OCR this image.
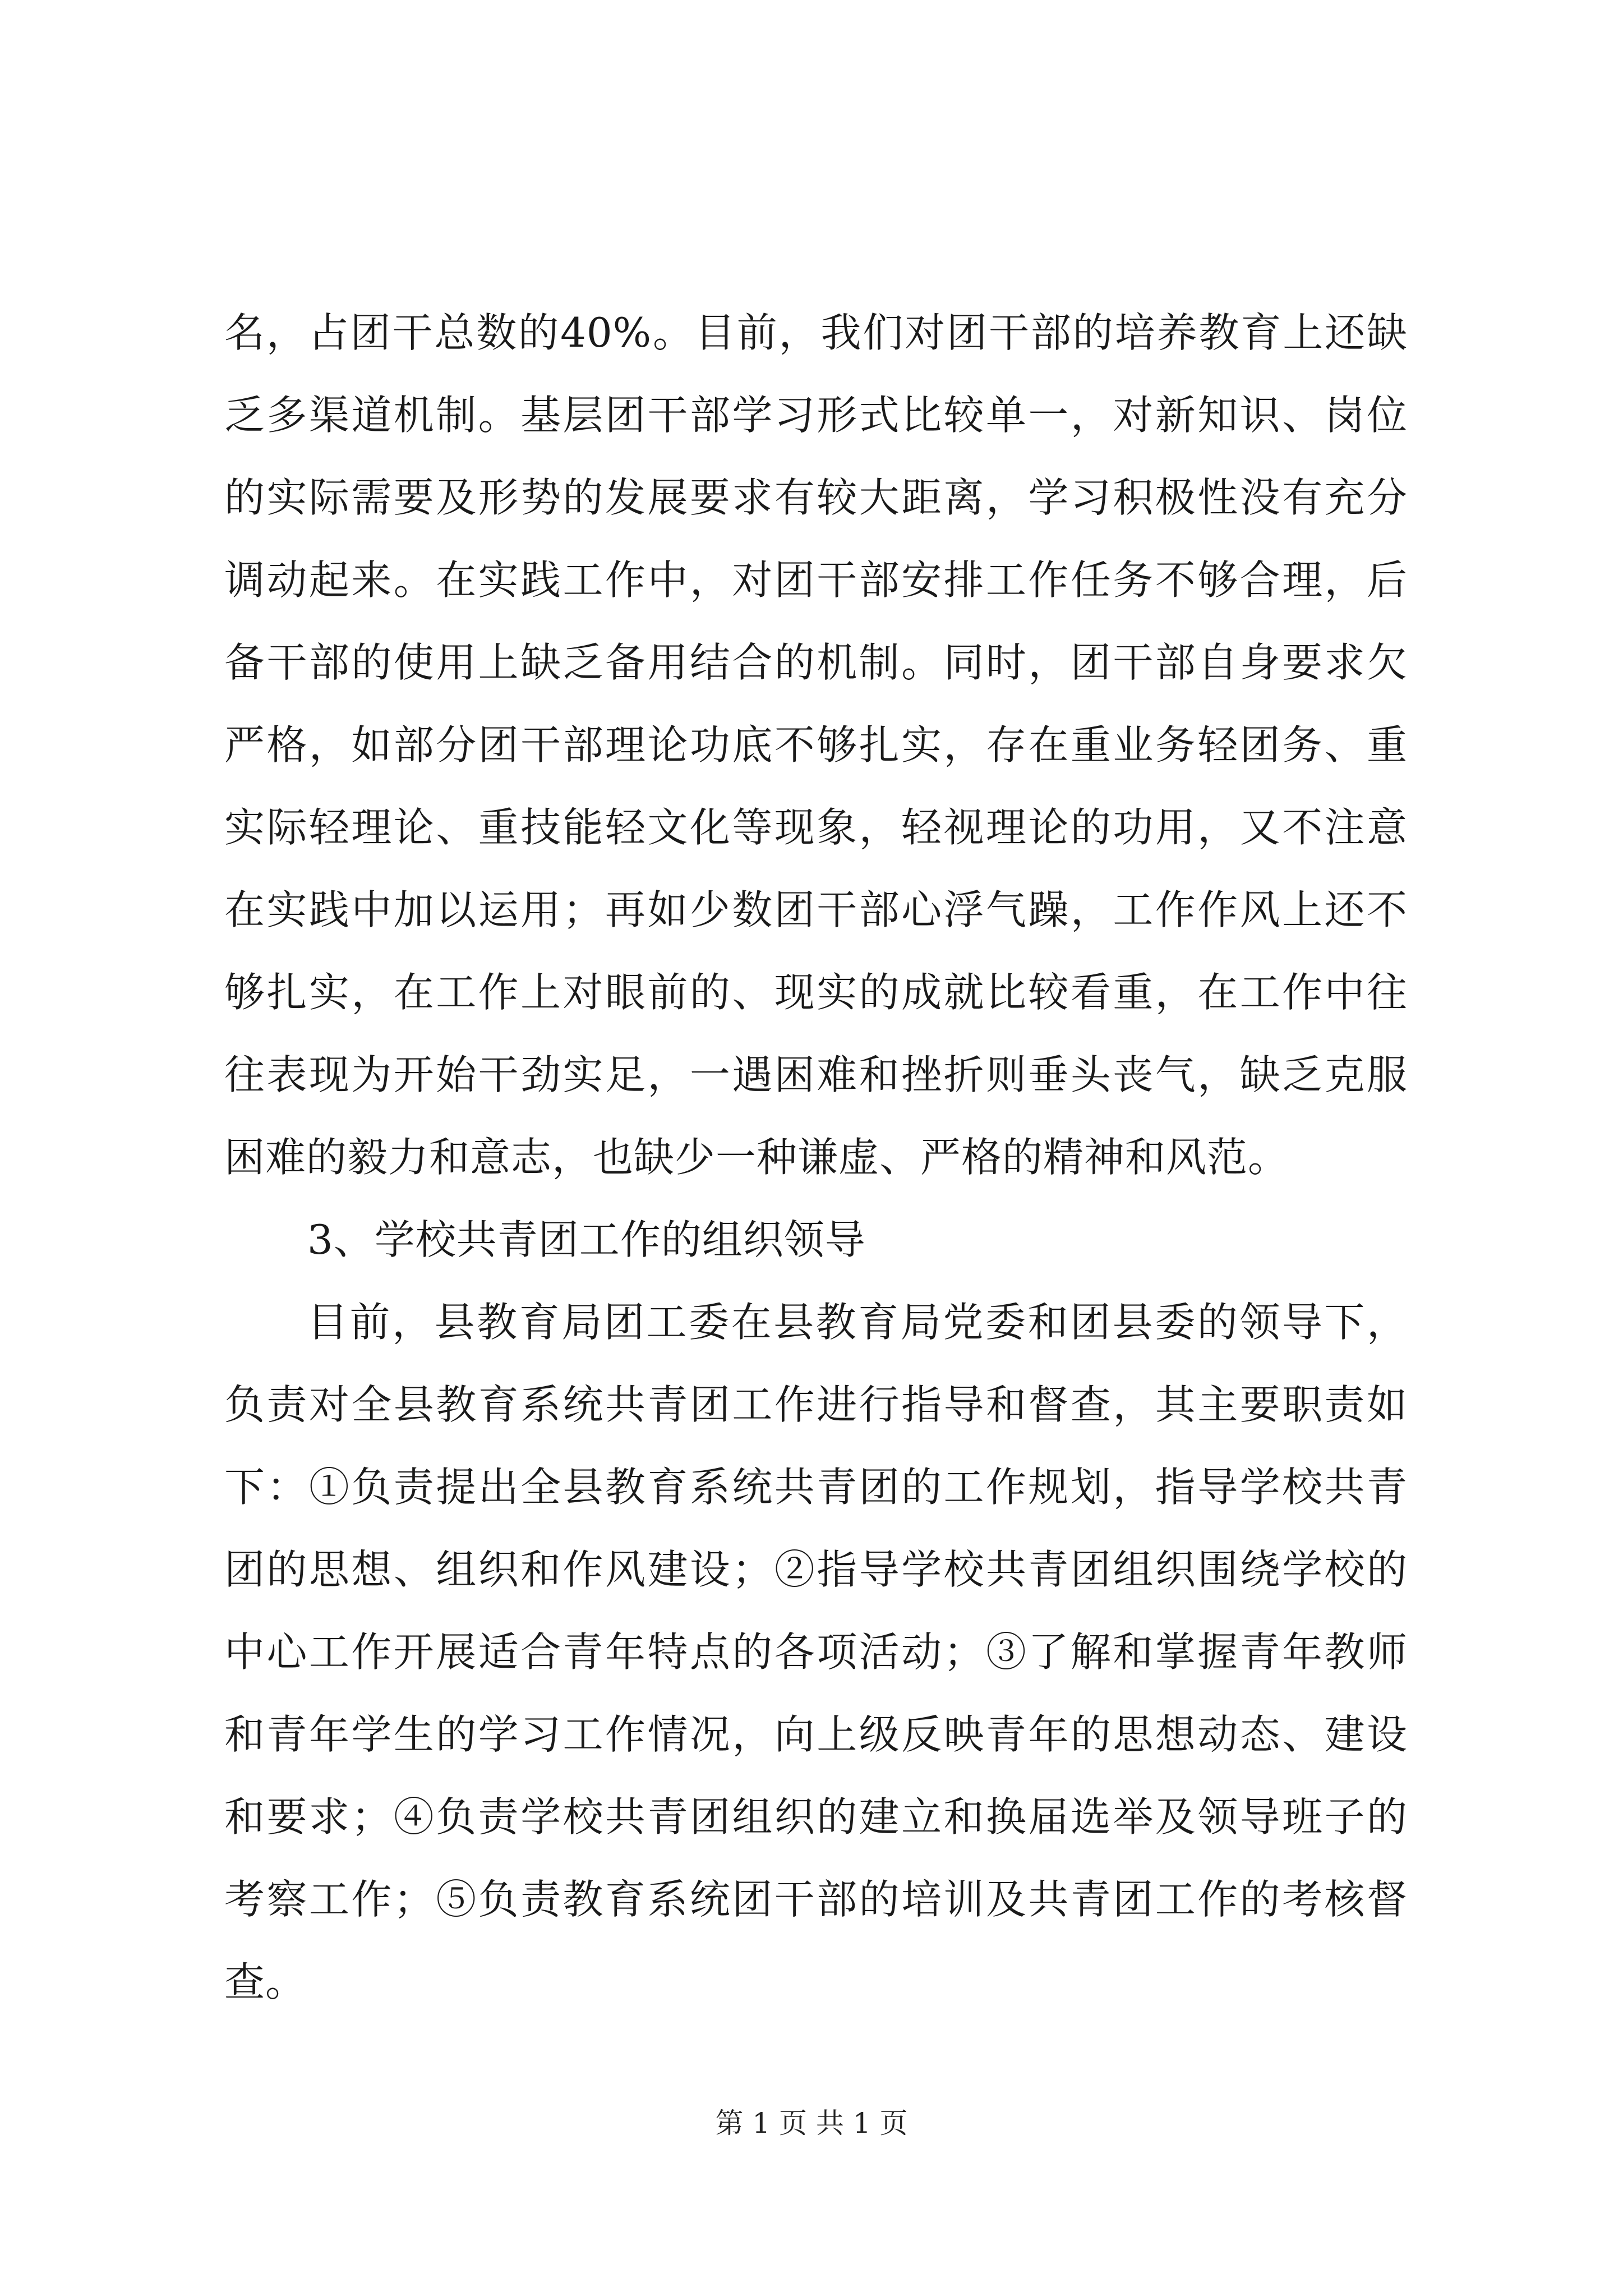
名，占团干总数的40%。目前，我们对团干部的培养教育上还缺
乏多渠道机制。基层团干部学习形式比较单一，对新知识、岗位
的实际需要及形势的发展要求有较大距离，学习积极性没有充分
调动起来。在实践工作中，对团干部安排工作任务不够合理，后
备干部的使用上缺乏备用结合的机制。同时，团干部自身要求欠
严格，如部分团干部理论功底不够扎实，存在重业务轻团务、重
实际轻理论、重技能轻文化等现象，轻视理论的功用，又不注意
在实践中加以运用；再如少数团干部心浮气躁，工作作风上还不
够扎实，在工作上对眼前的、现实的成就比较看重，在工作中往
往表现为开始干劲实足，一遇困难和挫折则垂头丧气，缺乏克服
困难的毅力和意志，也缺少一种谦虚、严格的精神和风范。
3、学校共青团工作的组织领导
目前，县教育局团工委在县教育局党委和团县委的领导下，
负责对全县教育系统共青团工作进行指导和督查，其主要职责如
下：①负责提出全县教育系统共青团的工作规划，指导学校共青
团的思想、组织和作风建设；②指导学校共青团组织围绕学校的
中心工作开展适合青年特点的各项活动；③了解和掌握青年教师
和青年学生的学习工作情况，向上级反映青年的思想动态、建设
和要求；④负责学校共青团组织的建立和换届选举及领导班子的
考察工作；⑤负责教育系统团干部的培训及共青团工作的考核督
查。
第 1 页 共 1 页
